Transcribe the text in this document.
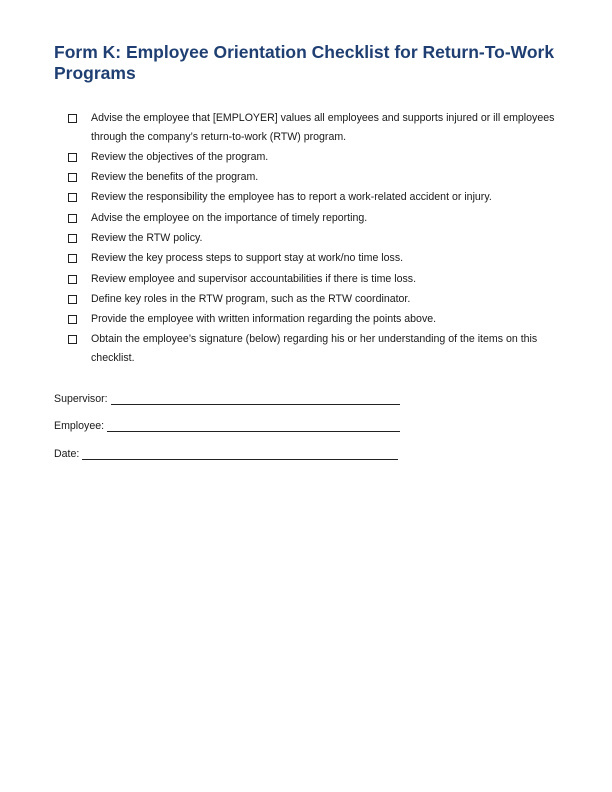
Form K: Employee Orientation Checklist for Return-To-Work Programs
Advise the employee that [EMPLOYER] values all employees and supports injured or ill employees through the company’s return-to-work (RTW) program.
Review the objectives of the program.
Review the benefits of the program.
Review the responsibility the employee has to report a work-related accident or injury.
Advise the employee on the importance of timely reporting.
Review the RTW policy.
Review the key process steps to support stay at work/no time loss.
Review employee and supervisor accountabilities if there is time loss.
Define key roles in the RTW program, such as the RTW coordinator.
Provide the employee with written information regarding the points above.
Obtain the employee’s signature (below) regarding his or her understanding of the items on this checklist.
Supervisor:
Employee:
Date:
